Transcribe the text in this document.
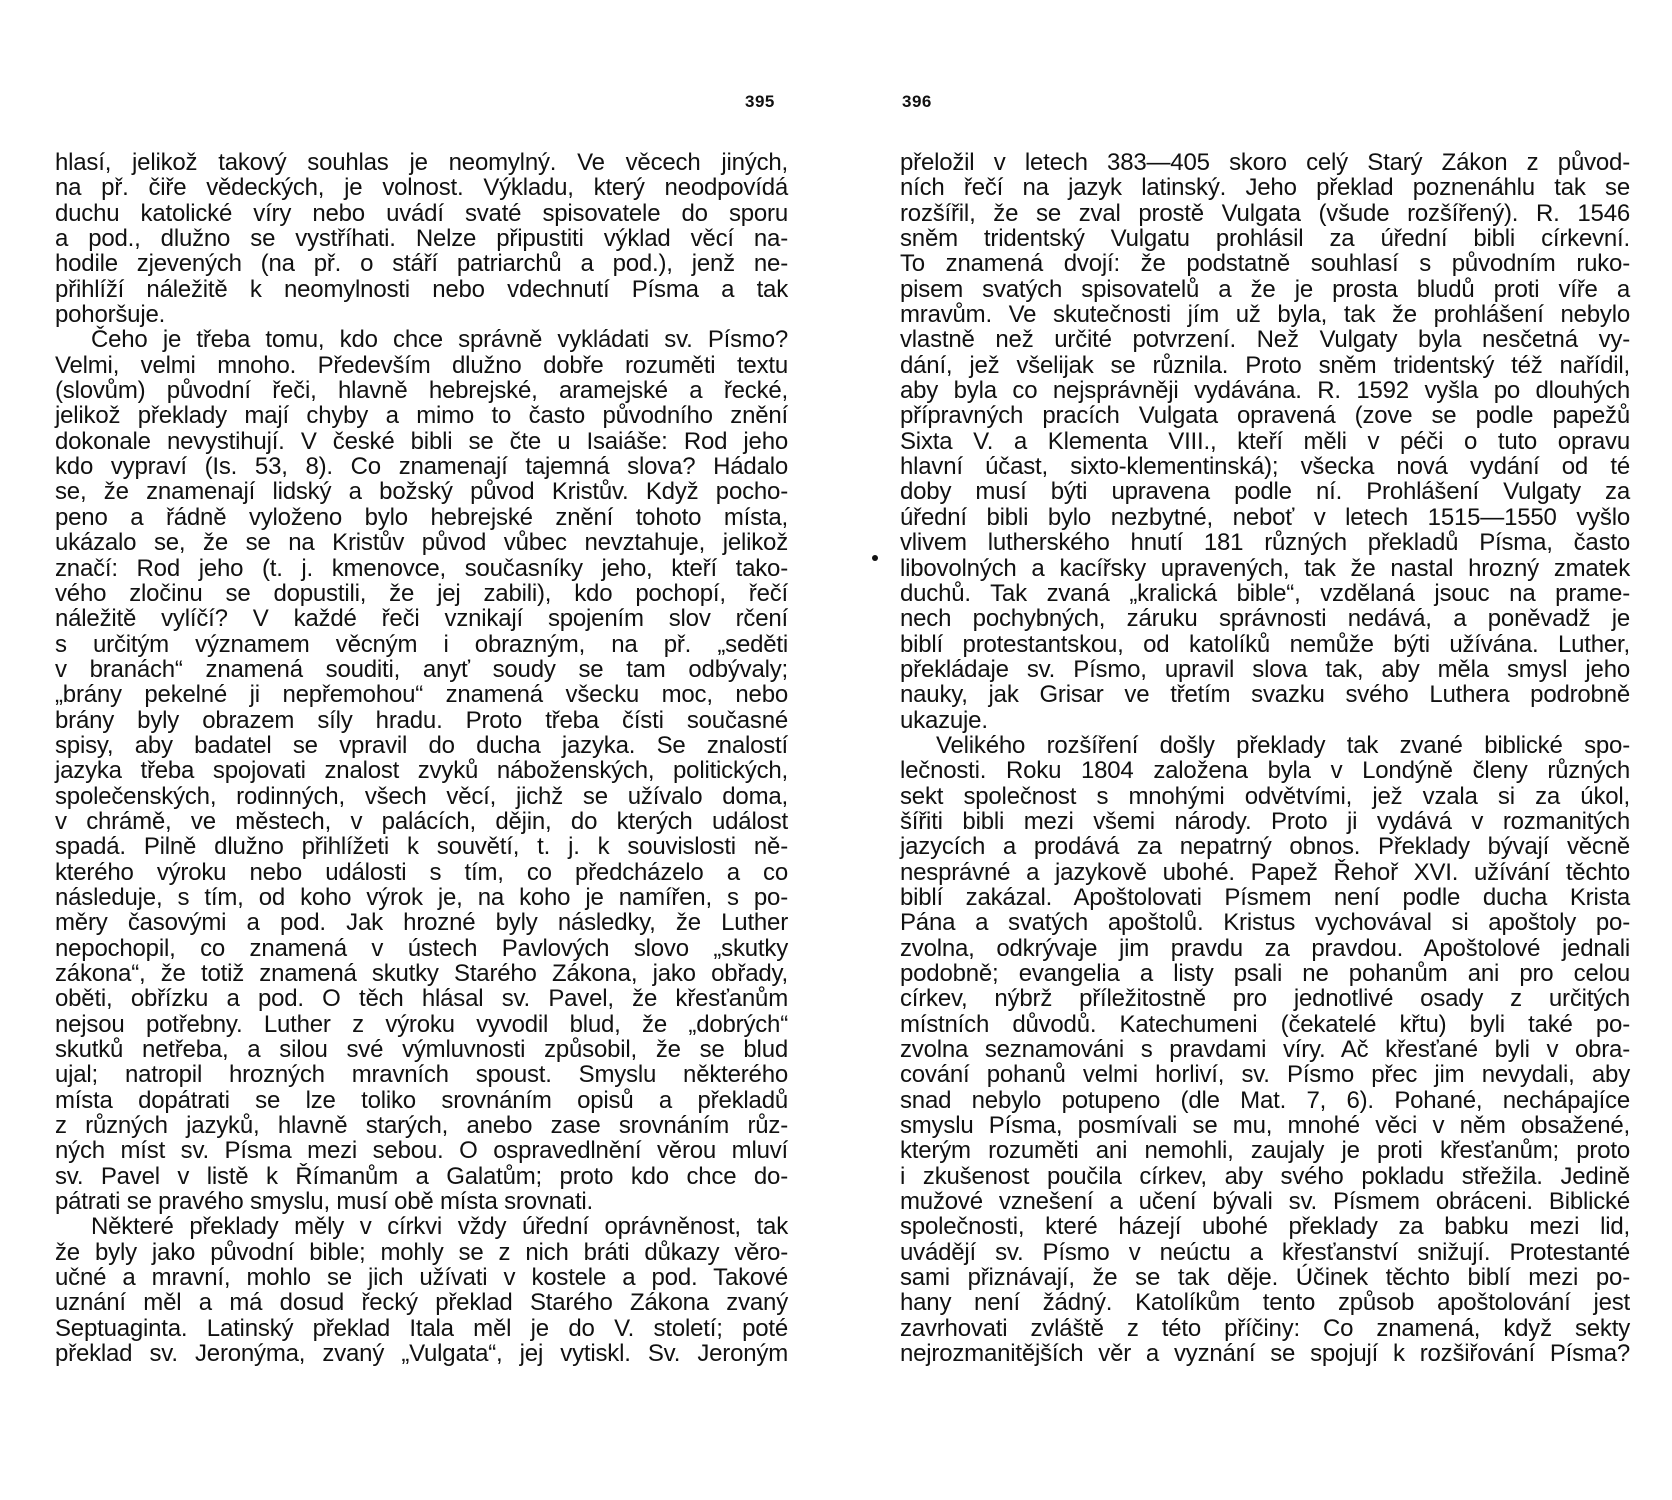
395	396
hlasí, jelikož takový souhlas je neomylný. Ve věcech jiných,
na př. čiře vědeckých, je volnost. Výkladu, který neodpovídá
duchu katolické víry nebo uvádí svaté spisovatele do sporu
a pod., dlužno se vystříhati. Nelze připustiti výklad věcí na-
hodile zjevených (na př. o stáří patriarchů a pod.), jenž ne-
přihlíží náležitě k neomylnosti nebo vdechnutí Písma a tak
pohoršuje.
Čeho je třeba tomu, kdo chce správně vykládati sv. Písmo?
Velmi, velmi mnoho. Především dlužno dobře rozuměti textu
(slovům) původní řeči, hlavně hebrejské, aramejské a řecké,
jelikož překlady mají chyby a mimo to často původního znění
dokonale nevystihují. V české bibli se čte u Isaiáše: Rod jeho
kdo vypraví (Is. 53, 8). Co znamenají tajemná slova? Hádalo
se, že znamenají lidský a božský původ Kristův. Když pocho-
peno a řádně vyloženo bylo hebrejské znění tohoto místa,
ukázalo se, že se na Kristův původ vůbec nevztahuje, jelikož
značí: Rod jeho (t. j. kmenovce, současníky jeho, kteří tako-
vého zločinu se dopustili, že jej zabili), kdo pochopí, řečí
náležitě vylíčí? V každé řeči vznikají spojením slov rčení
s určitým významem věcným i obrazným, na př. „seděti
v branách“ znamená souditi, anyť soudy se tam odbývaly;
„brány pekelné ji nepřemohou“ znamená všecku moc, nebo
brány byly obrazem síly hradu. Proto třeba čísti současné
spisy, aby badatel se vpravil do ducha jazyka. Se znalostí
jazyka třeba spojovati znalost zvyků náboženských, politických,
společenských, rodinných, všech věcí, jichž se užívalo doma,
v chrámě, ve městech, v palácích, dějin, do kterých událost
spadá. Pilně dlužno přihlížeti k souvětí, t. j. k souvislosti ně-
kterého výroku nebo události s tím, co předcházelo a co
následuje, s tím, od koho výrok je, na koho je namířen, s po-
měry časovými a pod. Jak hrozné byly následky, že Luther
nepochopil, co znamená v ústech Pavlových slovo „skutky
zákona“, že totiž znamená skutky Starého Zákona, jako obřady,
oběti, obřízku a pod. O těch hlásal sv. Pavel, že křesťanům
nejsou potřebny. Luther z výroku vyvodil blud, že „dobrých“
skutků netřeba, a silou své výmluvnosti způsobil, že se blud
ujal; natropil hrozných mravních spoust. Smyslu některého
místa dopátrati se lze toliko srovnáním opisů a překladů
z různých jazyků, hlavně starých, anebo zase srovnáním růz-
ných míst sv. Písma mezi sebou. O ospravedlnění věrou mluví
sv. Pavel v listě k Římanům a Galatům; proto kdo chce do-
pátrati se pravého smyslu, musí obě místa srovnati.
Některé překlady měly v církvi vždy úřední oprávněnost, tak
že byly jako původní bible; mohly se z nich bráti důkazy věro-
učné a mravní, mohlo se jich užívati v kostele a pod. Takové
uznání měl a má dosud řecký překlad Starého Zákona zvaný
Septuaginta. Latinský překlad Itala měl je do V. století; poté
překlad sv. Jeronýma, zvaný „Vulgata“, jej vytiskl. Sv. Jeroným
přeložil v letech 383—405 skoro celý Starý Zákon z původ-
ních řečí na jazyk latinský. Jeho překlad poznenáhlu tak se
rozšířil, že se zval prostě Vulgata (všude rozšířený). R. 1546
sněm tridentský Vulgatu prohlásil za úřední bibli církevní.
To znamená dvojí: že podstatně souhlasí s původním ruko-
pisem svatých spisovatelů a že je prosta bludů proti víře a
mravům. Ve skutečnosti jím už byla, tak že prohlášení nebylo
vlastně než určité potvrzení. Než Vulgaty byla nesčetná vy-
dání, jež všelijak se různila. Proto sněm tridentský též nařídil,
aby byla co nejsprávněji vydávána. R. 1592 vyšla po dlouhých
přípravných pracích Vulgata opravená (zove se podle papežů
Sixta V. a Klementa VIII., kteří měli v péči o tuto opravu
hlavní účast, sixto-klementinská); všecka nová vydání od té
doby musí býti upravena podle ní. Prohlášení Vulgaty za
úřední bibli bylo nezbytné, neboť v letech 1515—1550 vyšlo
vlivem lutherského hnutí 181 různých překladů Písma, často
libovolných a kacířsky upravených, tak že nastal hrozný zmatek
duchů. Tak zvaná „kralická bible“, vzdělaná jsouc na prame-
nech pochybných, záruku správnosti nedává, a poněvadž je
biblí protestantskou, od katolíků nemůže býti užívána. Luther,
překládaje sv. Písmo, upravil slova tak, aby měla smysl jeho
nauky, jak Grisar ve třetím svazku svého Luthera podrobně
ukazuje.
Velikého rozšíření došly překlady tak zvané biblické spo-
lečnosti. Roku 1804 založena byla v Londýně členy různých
sekt společnost s mnohými odvětvími, jež vzala si za úkol,
šířiti bibli mezi všemi národy. Proto ji vydává v rozmanitých
jazycích a prodává za nepatrný obnos. Překlady bývají věcně
nesprávné a jazykově ubohé. Papež Řehoř XVI. užívání těchto
biblí zakázal. Apoštolovati Písmem není podle ducha Krista
Pána a svatých apoštolů. Kristus vychovával si apoštoly po-
zvolna, odkrývaje jim pravdu za pravdou. Apoštolové jednali
podobně; evangelia a listy psali ne pohanům ani pro celou
církev, nýbrž příležitostně pro jednotlivé osady z určitých
místních důvodů. Katechumeni (čekatelé křtu) byli také po-
zvolna seznamováni s pravdami víry. Ač křesťané byli v obra-
cování pohanů velmi horliví, sv. Písmo přec jim nevydali, aby
snad nebylo potupeno (dle Mat. 7, 6). Pohané, nechápajíce
smyslu Písma, posmívali se mu, mnohé věci v něm obsažené,
kterým rozuměti ani nemohli, zaujaly je proti křesťanům; proto
i zkušenost poučila církev, aby svého pokladu střežila. Jedině
mužové vznešení a učení bývali sv. Písmem obráceni. Biblické
společnosti, které házejí ubohé překlady za babku mezi lid,
uvádějí sv. Písmo v neúctu a křesťanství snižují. Protestanté
sami přiznávají, že se tak děje. Účinek těchto biblí mezi po-
hany není žádný. Katolíkům tento způsob apoštolování jest
zavrhovati zvláště z této příčiny: Co znamená, když sekty
nejrozmanitějších věr a vyznání se spojují k rozšiřování Písma?
